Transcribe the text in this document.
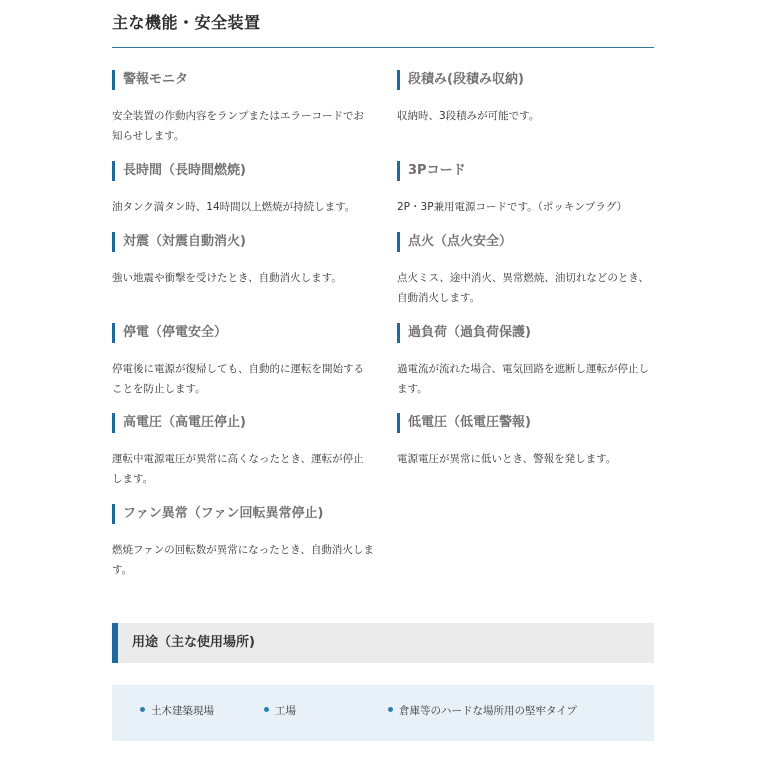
主な機能・安全装置
警報モニタ
安全装置の作動内容をランプまたはエラーコードでお知らせします。
長時間（長時間燃焼)
油タンク満タン時、14時間以上燃焼が持続します。
対震（対震自動消火)
強い地震や衝撃を受けたとき、自動消火します。
停電（停電安全）
停電後に電源が復帰しても、自動的に運転を開始することを防止します。
高電圧（高電圧停止)
運転中電源電圧が異常に高くなったとき、運転が停止します。
ファン異常（ファン回転異常停止)
燃焼ファンの回転数が異常になったとき、自動消火します。
段積み(段積み収納)
収納時、3段積みが可能です。
3Pコード
2P・3P兼用電源コードです。（ポッキンプラグ）
点火（点火安全）
点火ミス、途中消火、異常燃焼、油切れなどのとき、自動消火します。
過負荷（過負荷保護)
過電流が流れた場合、電気回路を遮断し運転が停止します。
低電圧（低電圧警報)
電源電圧が異常に低いとき、警報を発します。
用途（主な使用場所)
土木建築現場	工場	倉庫等のハードな場所用の堅牢タイプ
